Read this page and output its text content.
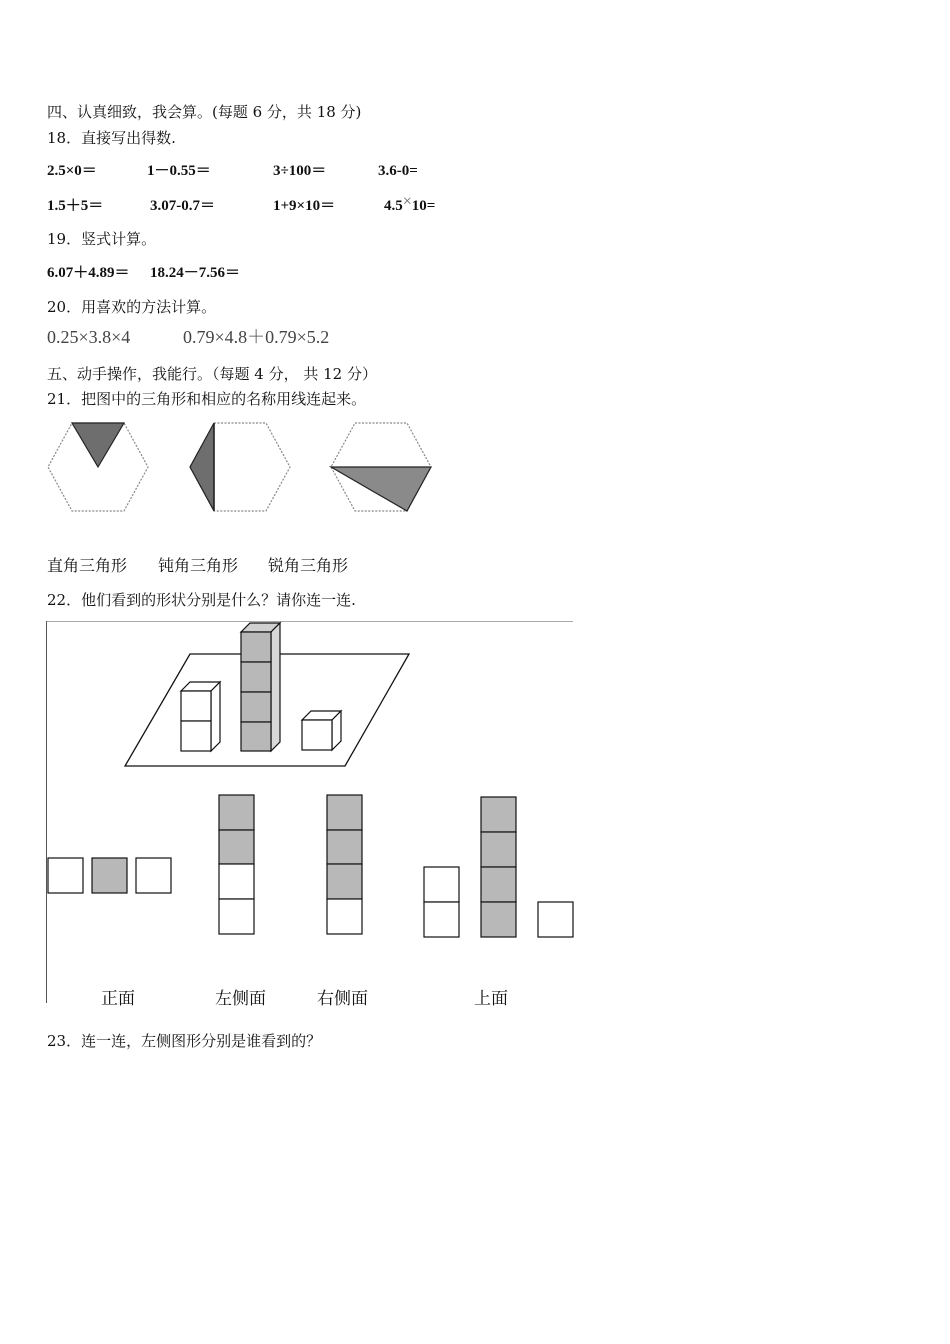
四、认真细致，我会算。(每题 6 分，共 18 分)
18．直接写出得数.
2.5×0＝	1－0.55＝	3÷100＝	3.6-0=
1.5＋5＝	3.07-0.7＝	1+9×10＝	4.5×10=
19．竖式计算。
6.07＋4.89＝ 18.24－7.56＝
20．用喜欢的方法计算。
0.25×3.8×4	0.79×4.8＋0.79×5.2
五、动手操作，我能行。（每题 4 分， 共 12 分）
21．把图中的三角形和相应的名称用线连起来。
直角三角形 钝角三角形 锐角三角形
22．他们看到的形状分别是什么？请你连一连.
正面	左侧面	右侧面	上面
23．连一连，左侧图形分别是谁看到的？
